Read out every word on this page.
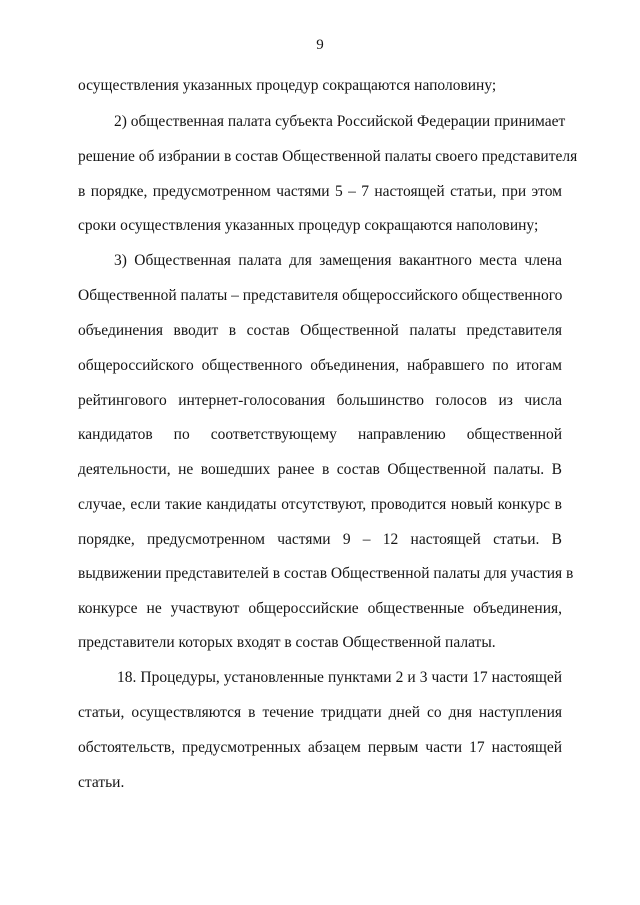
9
осуществления указанных процедур сокращаются наполовину;
2) общественная палата субъекта Российской Федерации принимает
решение об избрании в состав Общественной палаты своего представителя
в порядке, предусмотренном частями 5 – 7 настоящей статьи, при этом
сроки осуществления указанных процедур сокращаются наполовину;
3) Общественная палата для замещения вакантного места члена
Общественной палаты – представителя общероссийского общественного
объединения вводит в состав Общественной палаты представителя
общероссийского общественного объединения, набравшего по итогам
рейтингового интернет-голосования большинство голосов из числа
кандидатов по соответствующему направлению общественной
деятельности, не вошедших ранее в состав Общественной палаты. В
случае, если такие кандидаты отсутствуют, проводится новый конкурс в
порядке, предусмотренном частями 9 – 12 настоящей статьи. В
выдвижении представителей в состав Общественной палаты для участия в
конкурсе не участвуют общероссийские общественные объединения,
представители которых входят в состав Общественной палаты.
18. Процедуры, установленные пунктами 2 и 3 части 17 настоящей
статьи, осуществляются в течение тридцати дней со дня наступления
обстоятельств, предусмотренных абзацем первым части 17 настоящей
статьи.
